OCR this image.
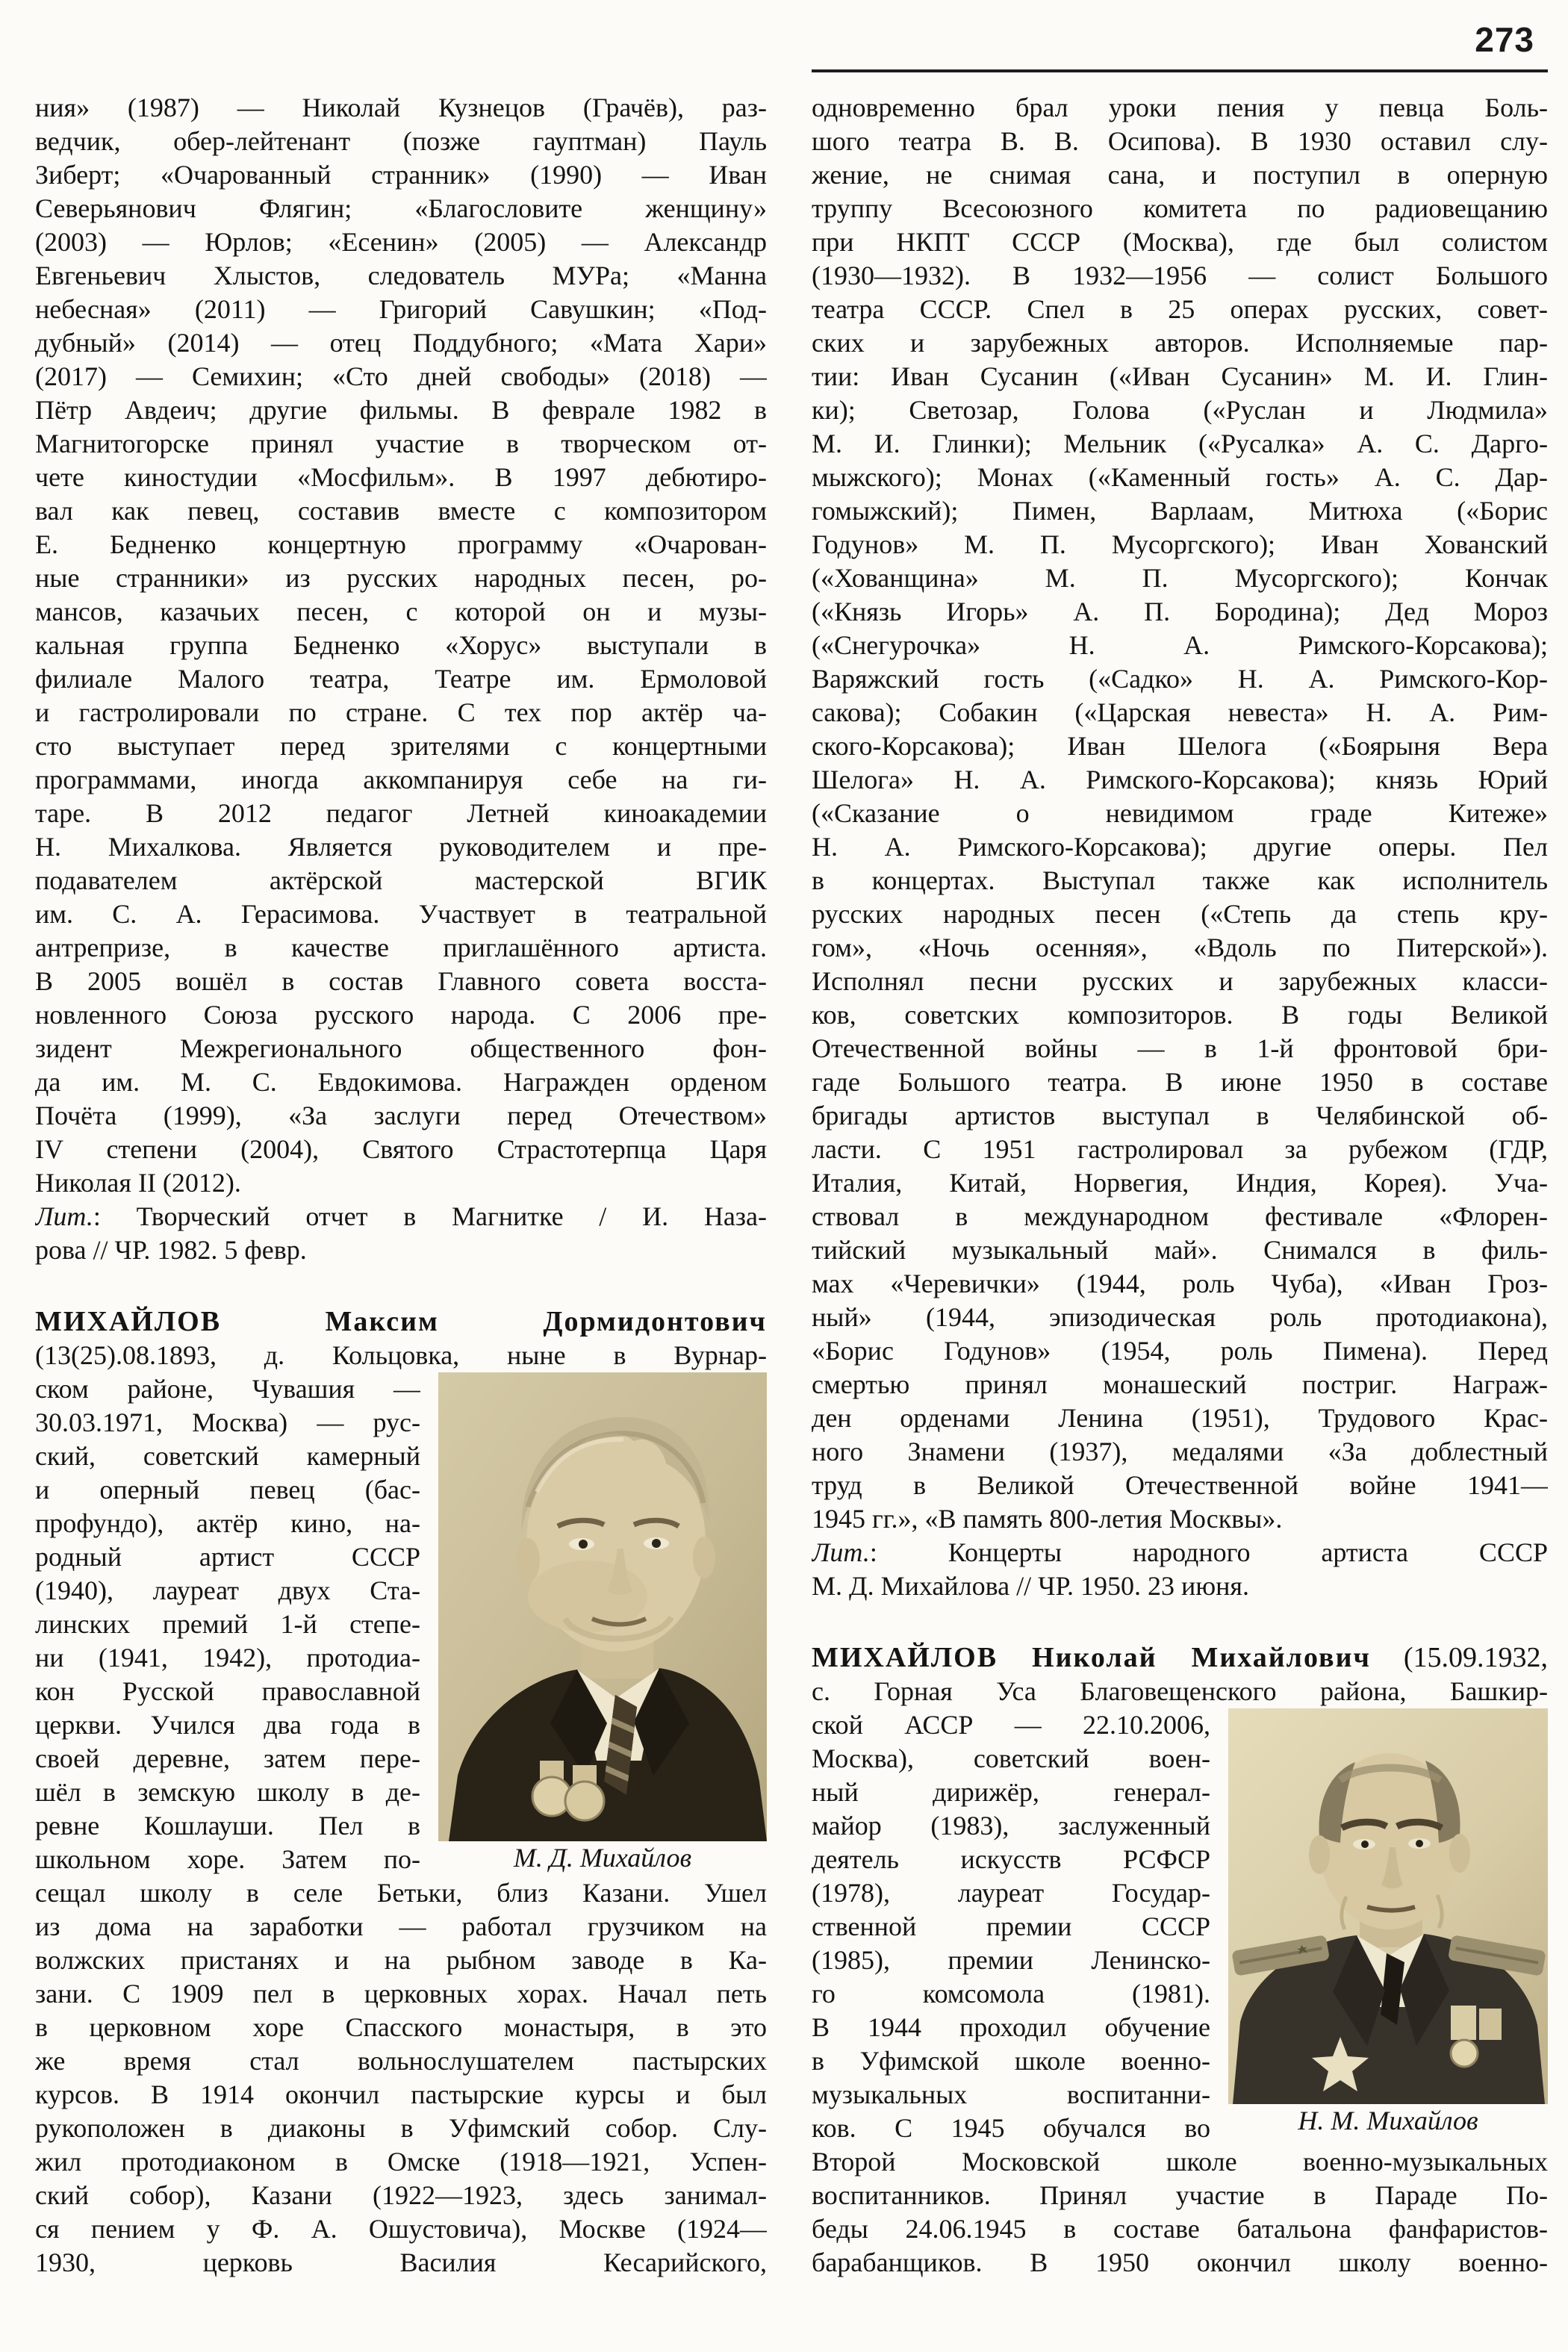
273
ния» (1987) — Николай Кузнецов (Грачёв), раз-
ведчик, обер-лейтенант (позже гауптман) Пауль
Зиберт; «Очарованный странник» (1990) — Иван
Северьянович Флягин; «Благословите женщину»
(2003) — Юрлов; «Есенин» (2005) — Александр
Евгеньевич Хлыстов, следователь МУРа; «Манна
небесная» (2011) — Григорий Савушкин; «Под-
дубный» (2014) — отец Поддубного; «Мата Хари»
(2017) — Семихин; «Сто дней свободы» (2018) —
Пётр Авдеич; другие фильмы. В феврале 1982 в
Магнитогорске принял участие в творческом от-
чете киностудии «Мосфильм». В 1997 дебютиро-
вал как певец, составив вместе с композитором
Е. Бедненко концертную программу «Очарован-
ные странники» из русских народных песен, ро-
мансов, казачьих песен, с которой он и музы-
кальная группа Бедненко «Хорус» выступали в
филиале Малого театра, Театре им. Ермоловой
и гастролировали по стране. С тех пор актёр ча-
сто выступает перед зрителями с концертными
программами, иногда аккомпанируя себе на ги-
таре. В 2012 педагог Летней киноакадемии
Н. Михалкова. Является руководителем и пре-
подавателем актёрской мастерской ВГИК
им. С. А. Герасимова. Участвует в театральной
антрепризе, в качестве приглашённого артиста.
В 2005 вошёл в состав Главного совета восста-
новленного Союза русского народа. С 2006 пре-
зидент Межрегионального общественного фон-
да им. М. С. Евдокимова. Награжден орденом
Почёта (1999), «За заслуги перед Отечеством»
IV степени (2004), Святого Страстотерпца Царя
Николая II (2012).
Лит.: Творческий отчет в Магнитке / И. Наза-
рова // ЧР. 1982. 5 февр.
МИХАЙЛОВ Максим Дормидонтович
(13(25).08.1893, д. Кольцовка, ныне в Вурнар-
М. Д. Михайлов
ском районе, Чувашия —
30.03.1971, Москва) — рус-
ский, советский камерный
и оперный певец (бас-
профундо), актёр кино, на-
родный артист СССР
(1940), лауреат двух Ста-
линских премий 1-й степе-
ни (1941, 1942), протодиа-
кон Русской православной
церкви. Учился два года в
своей деревне, затем пере-
шёл в земскую школу в де-
ревне Кошлауши. Пел в
школьном хоре. Затем по-
сещал школу в селе Бетьки, близ Казани. Ушел
из дома на заработки — работал грузчиком на
волжских пристанях и на рыбном заводе в Ка-
зани. С 1909 пел в церковных хорах. Начал петь
в церковном хоре Спасского монастыря, в это
же время стал вольнослушателем пастырских
курсов. В 1914 окончил пастырские курсы и был
рукоположен в диаконы в Уфимский собор. Слу-
жил протодиаконом в Омске (1918—1921, Успен-
ский собор), Казани (1922—1923, здесь занимал-
ся пением у Ф. А. Ошустовича), Москве (1924—
1930, церковь Василия Кесарийского,
одновременно брал уроки пения у певца Боль-
шого театра В. В. Осипова). В 1930 оставил слу-
жение, не снимая сана, и поступил в оперную
труппу Всесоюзного комитета по радиовещанию
при НКПТ СССР (Москва), где был солистом
(1930—1932). В 1932—1956 — солист Большого
театра СССР. Спел в 25 операх русских, совет-
ских и зарубежных авторов. Исполняемые пар-
тии: Иван Сусанин («Иван Сусанин» М. И. Глин-
ки); Светозар, Голова («Руслан и Людмила»
М. И. Глинки); Мельник («Русалка» А. С. Дарго-
мыжского); Монах («Каменный гость» А. С. Дар-
гомыжский); Пимен, Варлаам, Митюха («Борис
Годунов» М. П. Мусоргского); Иван Хованский
(«Хованщина» М. П. Мусоргского); Кончак
(«Князь Игорь» А. П. Бородина); Дед Мороз
(«Снегурочка» Н. А. Римского-Корсакова);
Варяжский гость («Садко» Н. А. Римского-Кор-
сакова); Собакин («Царская невеста» Н. А. Рим-
ского-Корсакова); Иван Шелога («Боярыня Вера
Шелога» Н. А. Римского-Корсакова); князь Юрий
(«Сказание о невидимом граде Китеже»
Н. А. Римского-Корсакова); другие оперы. Пел
в концертах. Выступал также как исполнитель
русских народных песен («Степь да степь кру-
гом», «Ночь осенняя», «Вдоль по Питерской»).
Исполнял песни русских и зарубежных класси-
ков, советских композиторов. В годы Великой
Отечественной войны — в 1-й фронтовой бри-
гаде Большого театра. В июне 1950 в составе
бригады артистов выступал в Челябинской об-
ласти. С 1951 гастролировал за рубежом (ГДР,
Италия, Китай, Норвегия, Индия, Корея). Уча-
ствовал в международном фестивале «Флорен-
тийский музыкальный май». Снимался в филь-
мах «Черевички» (1944, роль Чуба), «Иван Гроз-
ный» (1944, эпизодическая роль протодиакона),
«Борис Годунов» (1954, роль Пимена). Перед
смертью принял монашеский постриг. Награж-
ден орденами Ленина (1951), Трудового Крас-
ного Знамени (1937), медалями «За доблестный
труд в Великой Отечественной войне 1941—
1945 гг.», «В память 800-летия Москвы».
Лит.: Концерты народного артиста СССР
М. Д. Михайлова // ЧР. 1950. 23 июня.
МИХАЙЛОВ Николай Михайлович (15.09.1932,
с. Горная Уса Благовещенского района, Башкир-
Н. М. Михайлов
ской АССР — 22.10.2006,
Москва), советский воен-
ный дирижёр, генерал-
майор (1983), заслуженный
деятель искусств РСФСР
(1978), лауреат Государ-
ственной премии СССР
(1985), премии Ленинско-
го комсомола (1981).
В 1944 проходил обучение
в Уфимской школе военно-
музыкальных воспитанни-
ков. С 1945 обучался во
Второй Московской школе военно-музыкальных
воспитанников. Принял участие в Параде По-
беды 24.06.1945 в составе батальона фанфаристов-
барабанщиков. В 1950 окончил школу военно-
